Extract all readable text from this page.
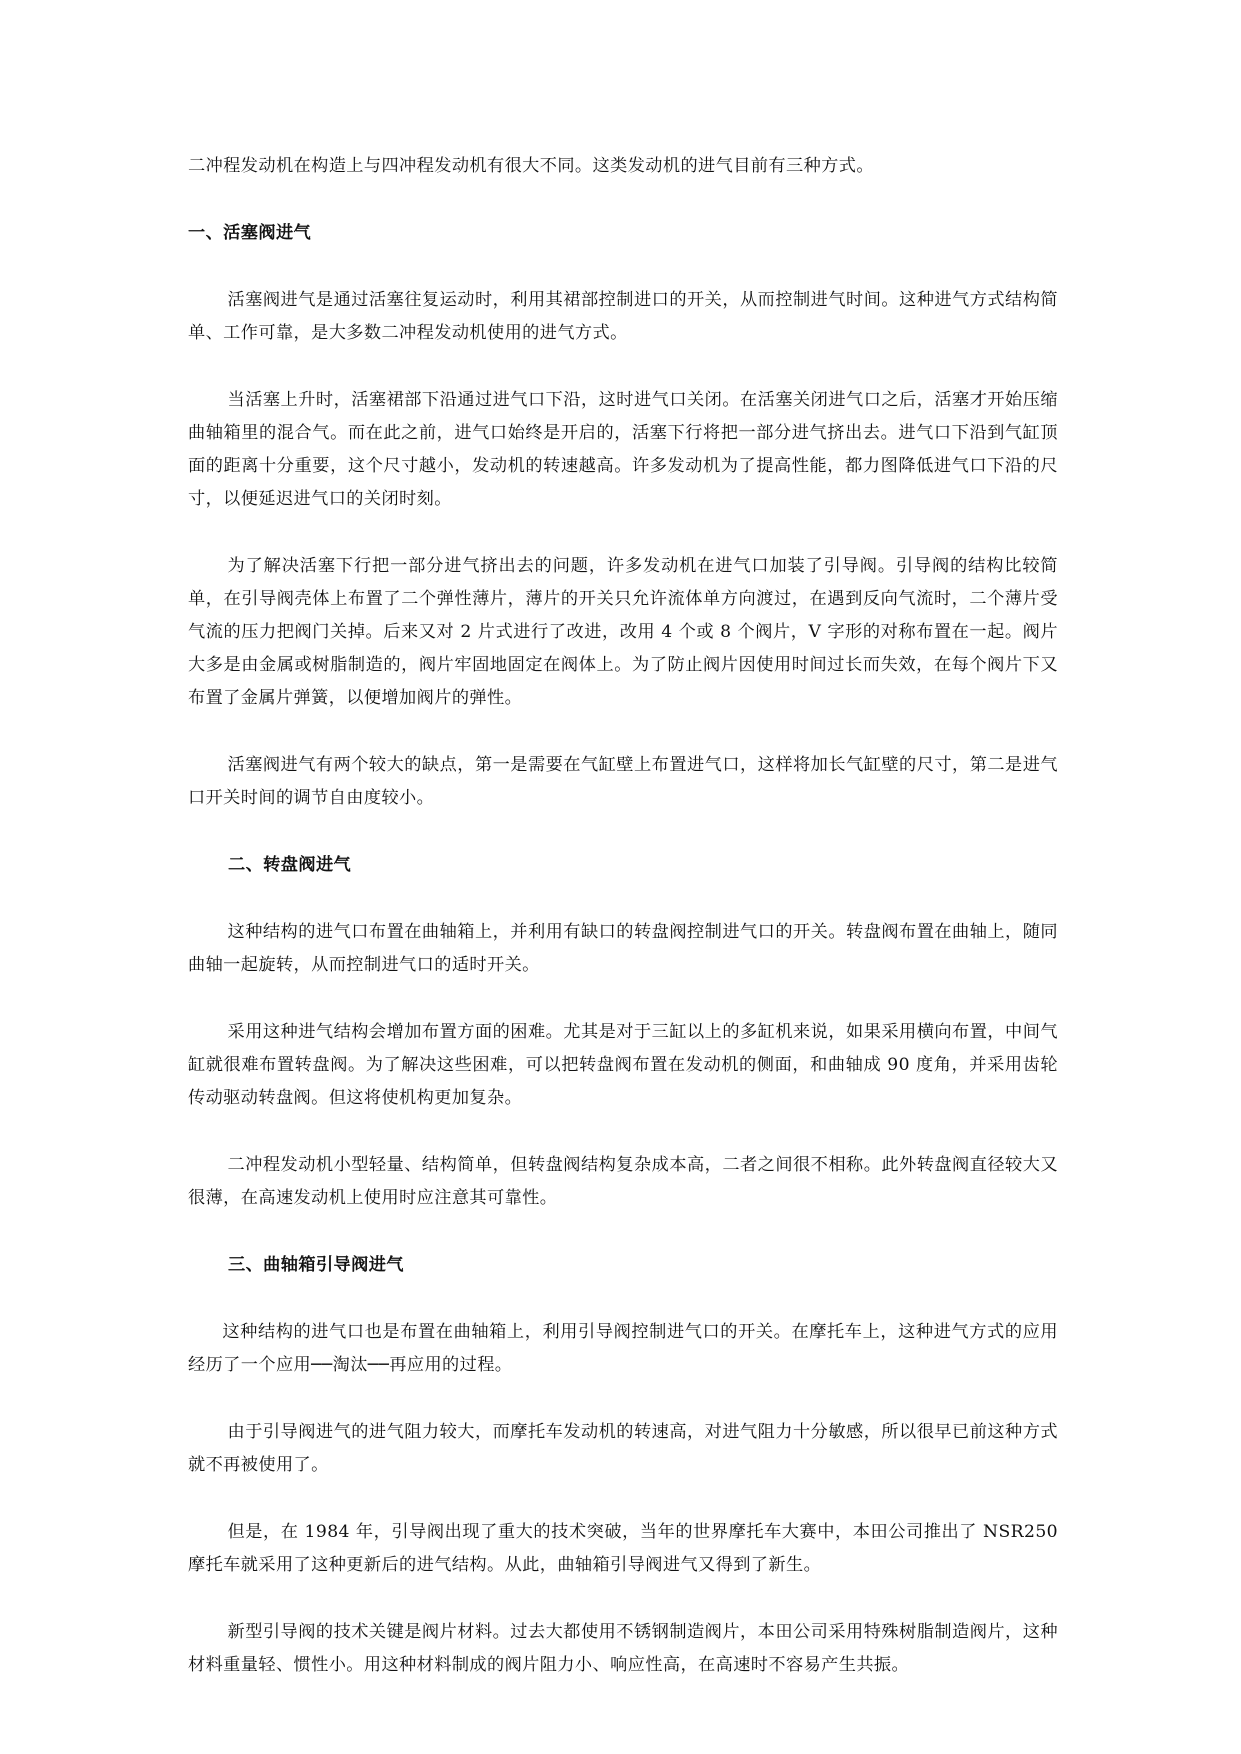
二冲程发动机在构造上与四冲程发动机有很大不同。这类发动机的进气目前有三种方式。

一、活塞阀进气

活塞阀进气是通过活塞往复运动时，利用其裙部控制进口的开关，从而控制进气时间。这种进气方式结构简单、工作可靠，是大多数二冲程发动机使用的进气方式。

当活塞上升时，活塞裙部下沿通过进气口下沿，这时进气口关闭。在活塞关闭进气口之后，活塞才开始压缩曲轴箱里的混合气。而在此之前，进气口始终是开启的，活塞下行将把一部分进气挤出去。进气口下沿到气缸顶面的距离十分重要，这个尺寸越小，发动机的转速越高。许多发动机为了提高性能，都力图降低进气口下沿的尺寸，以便延迟进气口的关闭时刻。

为了解决活塞下行把一部分进气挤出去的问题，许多发动机在进气口加装了引导阀。引导阀的结构比较简单，在引导阀壳体上布置了二个弹性薄片，薄片的开关只允许流体单方向渡过，在遇到反向气流时，二个薄片受气流的压力把阀门关掉。后来又对 2 片式进行了改进，改用 4 个或 8 个阀片，V 字形的对称布置在一起。阀片大多是由金属或树脂制造的，阀片牢固地固定在阀体上。为了防止阀片因使用时间过长而失效，在每个阀片下又布置了金属片弹簧，以便增加阀片的弹性。

活塞阀进气有两个较大的缺点，第一是需要在气缸壁上布置进气口，这样将加长气缸壁的尺寸，第二是进气口开关时间的调节自由度较小。

二、转盘阀进气

这种结构的进气口布置在曲轴箱上，并利用有缺口的转盘阀控制进气口的开关。转盘阀布置在曲轴上，随同曲轴一起旋转，从而控制进气口的适时开关。

采用这种进气结构会增加布置方面的困难。尤其是对于三缸以上的多缸机来说，如果采用横向布置，中间气缸就很难布置转盘阀。为了解决这些困难，可以把转盘阀布置在发动机的侧面，和曲轴成 90 度角，并采用齿轮传动驱动转盘阀。但这将使机构更加复杂。

二冲程发动机小型轻量、结构简单，但转盘阀结构复杂成本高，二者之间很不相称。此外转盘阀直径较大又很薄，在高速发动机上使用时应注意其可靠性。

三、曲轴箱引导阀进气

这种结构的进气口也是布置在曲轴箱上，利用引导阀控制进气口的开关。在摩托车上，这种进气方式的应用经历了一个应用──淘汰──再应用的过程。

由于引导阀进气的进气阻力较大，而摩托车发动机的转速高，对进气阻力十分敏感，所以很早已前这种方式就不再被使用了。

但是，在 1984 年，引导阀出现了重大的技术突破，当年的世界摩托车大赛中，本田公司推出了 NSR250 摩托车就采用了这种更新后的进气结构。从此，曲轴箱引导阀进气又得到了新生。

新型引导阀的技术关键是阀片材料。过去大都使用不锈钢制造阀片，本田公司采用特殊树脂制造阀片，这种材料重量轻、惯性小。用这种材料制成的阀片阻力小、响应性高，在高速时不容易产生共振。
